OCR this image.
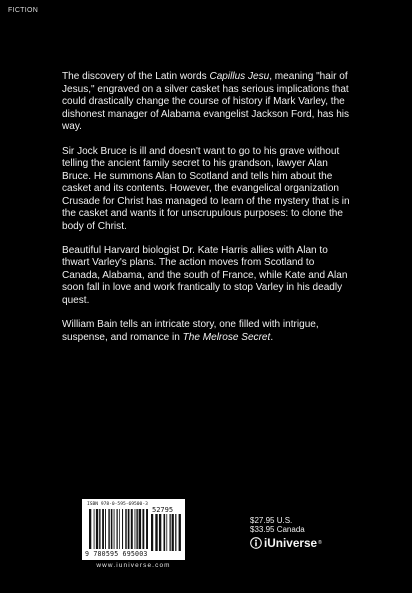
FICTION

The discovery of the Latin words Capillus Jesu, meaning "hair of Jesus," engraved on a silver casket has serious implications that could drastically change the course of history if Mark Varley, the dishonest manager of Alabama evangelist Jackson Ford, has his way.

Sir Jock Bruce is ill and doesn't want to go to his grave without telling the ancient family secret to his grandson, lawyer Alan Bruce. He summons Alan to Scotland and tells him about the casket and its contents. However, the evangelical organization Crusade for Christ has managed to learn of the mystery that is in the casket and wants it for unscrupulous purposes: to clone the body of Christ.

Beautiful Harvard biologist Dr. Kate Harris allies with Alan to thwart Varley's plans. The action moves from Scotland to Canada, Alabama, and the south of France, while Kate and Alan soon fall in love and work frantically to stop Varley in his deadly quest.

William Bain tells an intricate story, one filled with intrigue, suspense, and romance in The Melrose Secret.

ISBN 978-0-595-69500-3
52795
9 780595 695003
www.iuniverse.com
$27.95 U.S.
$33.95 Canada
iUniverse ®
